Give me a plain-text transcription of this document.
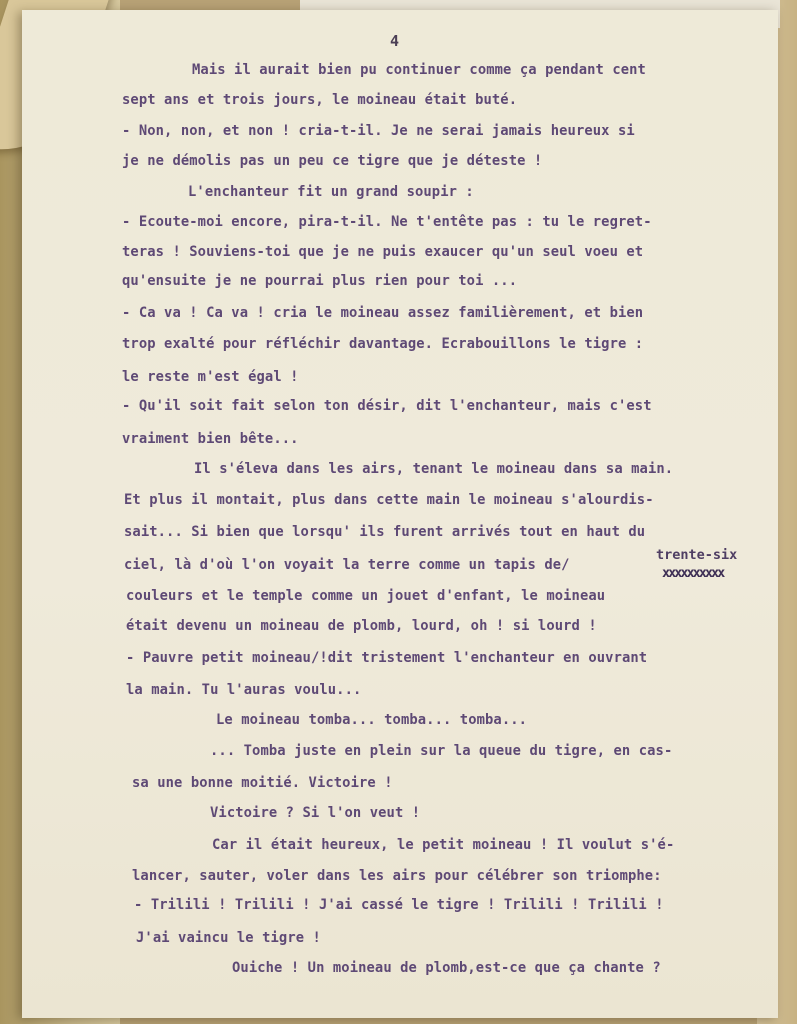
4
Mais il aurait bien pu continuer comme ça pendant cent
sept ans et trois jours, le moineau était buté.
- Non, non, et non ! cria-t-il. Je ne serai jamais heureux si
je ne démolis pas un peu ce tigre que je déteste !
L'enchanteur fit un grand soupir :
- Ecoute-moi encore, pira-t-il. Ne t'entête pas : tu le regret-
teras ! Souviens-toi que je ne puis exaucer qu'un seul voeu et
qu'ensuite je ne pourrai plus rien pour toi ...
- Ca va ! Ca va ! cria le moineau assez familièrement, et bien
trop exalté pour réfléchir davantage. Ecrabouillons le tigre :
le reste m'est égal !
- Qu'il soit fait selon ton désir, dit l'enchanteur, mais c'est
vraiment bien bête...
Il s'éleva dans les airs, tenant le moineau dans sa main.
Et plus il montait, plus dans cette main le moineau s'alourdis-
sait... Si bien que lorsqu' ils furent arrivés tout en haut du
trente-six
ciel, là d'où l'on voyait la terre comme un tapis de/	xxxxxxxxxx
couleurs et le temple comme un jouet d'enfant, le moineau
était devenu un moineau de plomb, lourd, oh ! si lourd !
- Pauvre petit moineau/!dit tristement l'enchanteur en ouvrant
la main. Tu l'auras voulu...
Le moineau tomba... tomba... tomba...
... Tomba juste en plein sur la queue du tigre, en cas-
sa une bonne moitié. Victoire !
Victoire ? Si l'on veut !
Car il était heureux, le petit moineau ! Il voulut s'é-
lancer, sauter, voler dans les airs pour célébrer son triomphe:
- Trilili ! Trilili ! J'ai cassé le tigre ! Trilili ! Trilili !
J'ai vaincu le tigre !
Ouiche ! Un moineau de plomb,est-ce que ça chante ?
